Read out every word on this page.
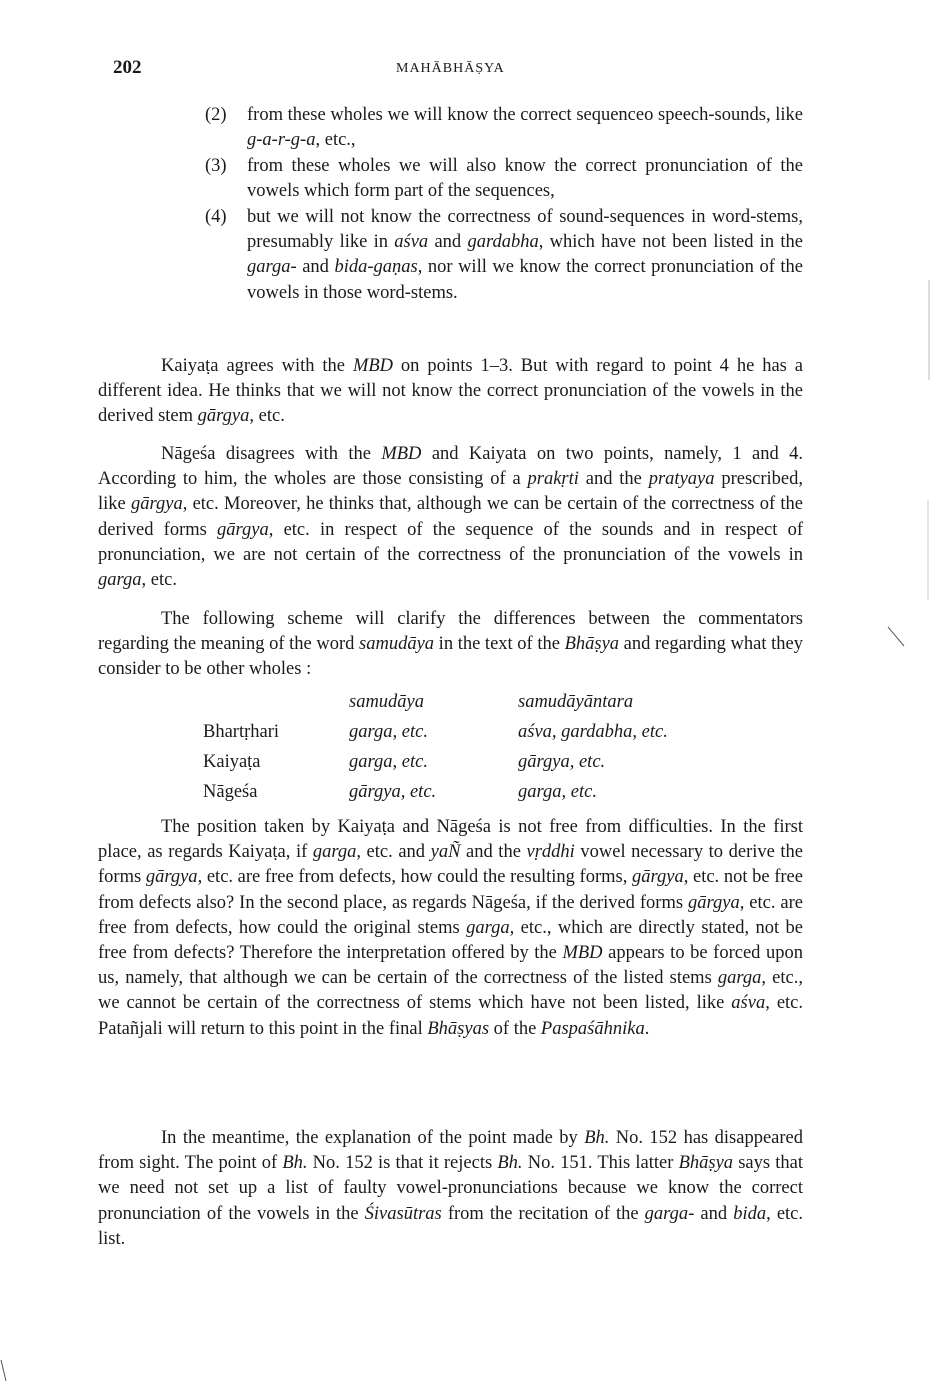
202	MAHĀBHĀṢYA
(2)	from these wholes we will know the correct sequenceo speech-sounds, like g-a-r-g-a, etc.,
(3)	from these wholes we will also know the correct pronunciation of the vowels which form part of the sequences,
(4)	but we will not know the correctness of sound-sequences in word-stems, presumably like in aśva and gardabha, which have not been listed in the garga- and bida-gaṇas, nor will we know the correct pronunciation of the vowels in those word-stems.

Kaiyaṭa agrees with the MBD on points 1–3. But with regard to point 4 he has a different idea. He thinks that we will not know the correct pronunciation of the vowels in the derived stem gārgya, etc.

Nāgeśa disagrees with the MBD and Kaiyata on two points, namely, 1 and 4. According to him, the wholes are those consisting of a prakṛti and the pratyaya prescribed, like gārgya, etc. Moreover, he thinks that, although we can be certain of the correctness of the derived forms gārgya, etc. in respect of the sequence of the sounds and in respect of pronunciation, we are not certain of the correctness of the pronunciation of the vowels in garga, etc.

The following scheme will clarify the differences between the commentators regarding the meaning of the word samudāya in the text of the Bhāṣya and regarding what they consider to be other wholes :

	samudāya	samudāyāntara
Bhartṛhari	garga, etc.	aśva, gardabha, etc.
Kaiyaṭa	garga, etc.	gārgya, etc.
Nāgeśa	gārgya, etc.	garga, etc.

The position taken by Kaiyaṭa and Nāgeśa is not free from difficulties. In the first place, as regards Kaiyaṭa, if garga, etc. and yaÑ and the vṛddhi vowel necessary to derive the forms gārgya, etc. are free from defects, how could the resulting forms, gārgya, etc. not be free from defects also? In the second place, as regards Nāgeśa, if the derived forms gārgya, etc. are free from defects, how could the original stems garga, etc., which are directly stated, not be free from defects? Therefore the interpretation offered by the MBD appears to be forced upon us, namely, that although we can be certain of the correctness of the listed stems garga, etc., we cannot be certain of the correctness of stems which have not been listed, like aśva, etc. Patañjali will return to this point in the final Bhāṣyas of the Paspaśāhnika.

In the meantime, the explanation of the point made by Bh. No. 152 has disappeared from sight. The point of Bh. No. 152 is that it rejects Bh. No. 151. This latter Bhāṣya says that we need not set up a list of faulty vowel-pronunciations because we know the correct pronunciation of the vowels in the Śivasūtras from the recitation of the garga- and bida, etc. list.
